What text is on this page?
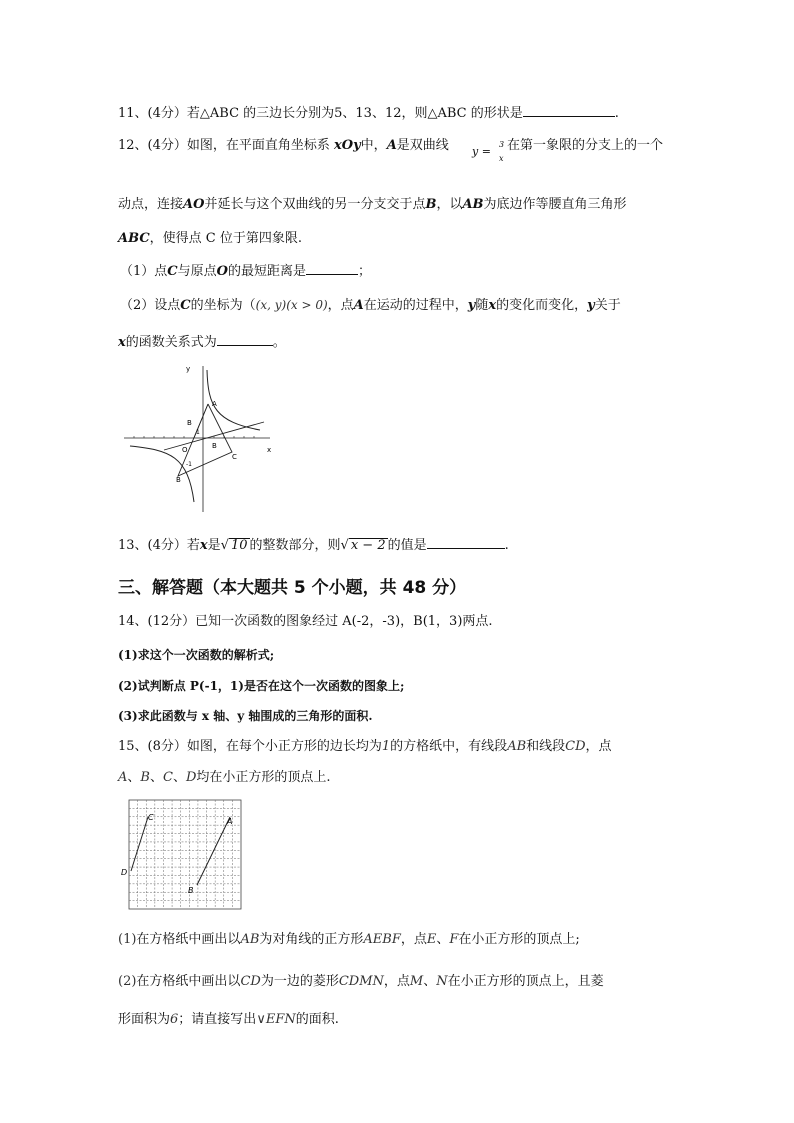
11、(4分）若△ABC 的三边长分别为5、13、12，则△ABC 的形状是	.
12、(4分）如图，在平面直角坐标系 xOy中，A是双曲线 y =
3
x
在第一象限的分支上的一个
动点，连接AO并延长与这个双曲线的另一分支交于点B，以AB为底边作等腰直角三角形
ABC，使得点 C 位于第四象限.
（1）点C与原点O的最短距离是	；
（2）设点C的坐标为（(x, y)(x > 0)，点A在运动的过程中，y随x的变化而变化，y关于
x的函数关系式为	。
y
x
A
B
B
O
C
-1
1
B
13、(4分）若x是√ 10 的整数部分，则√ x − 2 的值是	.
三、解答题（本大题共 5 个小题，共 48 分）
14、(12分）已知一次函数的图象经过 A(-2，-3)，B(1，3)两点.
(1)求这个一次函数的解析式;
(2)试判断点 P(-1，1)是否在这个一次函数的图象上;
(3)求此函数与 x 轴、y 轴围成的三角形的面积.
15、(8分）如图，在每个小正方形的边长均为1的方格纸中，有线段AB和线段CD，点
A、B、C、D均在小正方形的顶点上.
C	A
D
B
(1)在方格纸中画出以AB为对角线的正方形AEBF，点E、F在小正方形的顶点上;
(2)在方格纸中画出以CD为一边的菱形CDMN，点M、N在小正方形的顶点上，且菱
形面积为6；请直接写出∨EFN的面积.
